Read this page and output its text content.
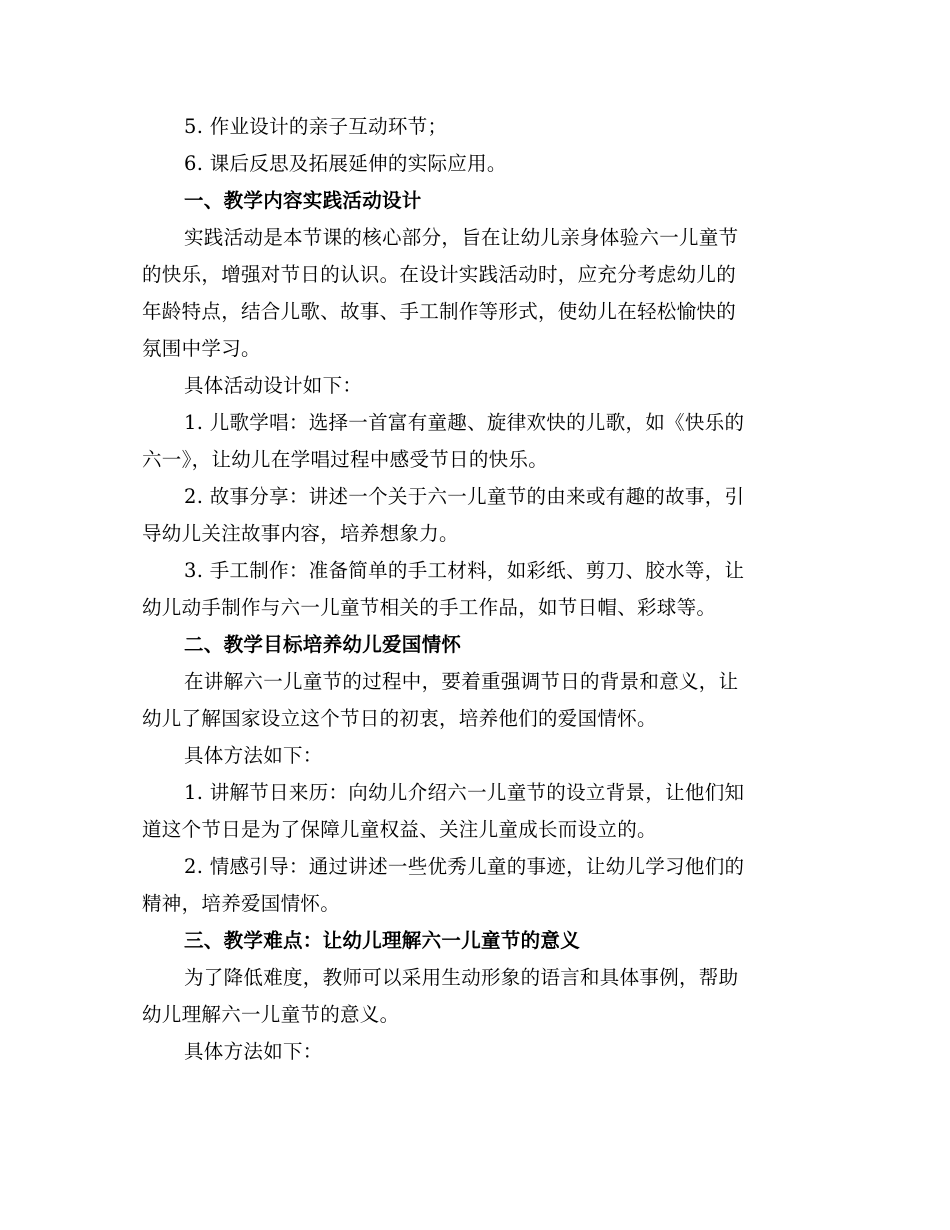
5. 作业设计的亲子互动环节；
6. 课后反思及拓展延伸的实际应用。
一、教学内容实践活动设计
实践活动是本节课的核心部分，旨在让幼儿亲身体验六一儿童节
的快乐，增强对节日的认识。在设计实践活动时，应充分考虑幼儿的
年龄特点，结合儿歌、故事、手工制作等形式，使幼儿在轻松愉快的
氛围中学习。
具体活动设计如下：
1. 儿歌学唱：选择一首富有童趣、旋律欢快的儿歌，如《快乐的
六一》，让幼儿在学唱过程中感受节日的快乐。
2. 故事分享：讲述一个关于六一儿童节的由来或有趣的故事，引
导幼儿关注故事内容，培养想象力。
3. 手工制作：准备简单的手工材料，如彩纸、剪刀、胶水等，让
幼儿动手制作与六一儿童节相关的手工作品，如节日帽、彩球等。
二、教学目标培养幼儿爱国情怀
在讲解六一儿童节的过程中，要着重强调节日的背景和意义，让
幼儿了解国家设立这个节日的初衷，培养他们的爱国情怀。
具体方法如下：
1. 讲解节日来历：向幼儿介绍六一儿童节的设立背景，让他们知
道这个节日是为了保障儿童权益、关注儿童成长而设立的。
2. 情感引导：通过讲述一些优秀儿童的事迹，让幼儿学习他们的
精神，培养爱国情怀。
三、教学难点：让幼儿理解六一儿童节的意义
为了降低难度，教师可以采用生动形象的语言和具体事例，帮助
幼儿理解六一儿童节的意义。
具体方法如下：
